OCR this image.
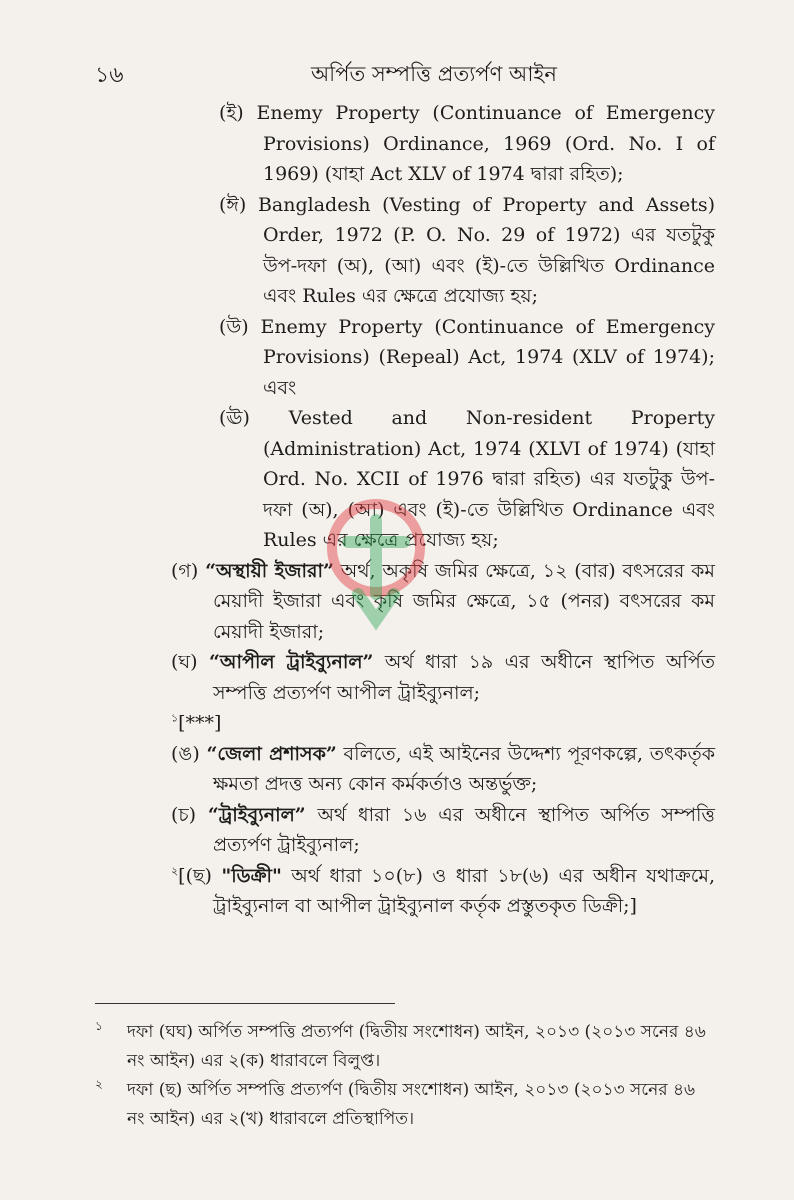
১৬	অর্পিত সম্পত্তি প্রত্যর্পণ আইন
(ই) Enemy Property (Continuance of Emergency Provisions) Ordinance, 1969 (Ord. No. I of 1969) (যাহা Act XLV of 1974 দ্বারা রহিত);
(ঈ) Bangladesh (Vesting of Property and Assets) Order, 1972 (P. O. No. 29 of 1972) এর যতটুকু উপ-দফা (অ), (আ) এবং (ই)-তে উল্লিখিত Ordinance এবং Rules এর ক্ষেত্রে প্রযোজ্য হয়;
(উ) Enemy Property (Continuance of Emergency Provisions) (Repeal) Act, 1974 (XLV of 1974); এবং
(ঊ) Vested and Non-resident Property (Administration) Act, 1974 (XLVI of 1974) (যাহা Ord. No. XCII of 1976 দ্বারা রহিত) এর যতটুকু উপ-দফা (অ), (আ) এবং (ই)-তে উল্লিখিত Ordinance এবং Rules এর ক্ষেত্রে প্রযোজ্য হয়;
(গ) “অস্থায়ী ইজারা” অর্থ, অকৃষি জমির ক্ষেত্রে, ১২ (বার) বৎসরের কম মেয়াদী ইজারা এবং কৃষি জমির ক্ষেত্রে, ১৫ (পনর) বৎসরের কম মেয়াদী ইজারা;
(ঘ) “আপীল ট্রাইব্যুনাল” অর্থ ধারা ১৯ এর অধীনে স্থাপিত অর্পিত সম্পত্তি প্রত্যর্পণ আপীল ট্রাইব্যুনাল;
$^১$[***]
(ঙ) “জেলা প্রশাসক” বলিতে, এই আইনের উদ্দেশ্য পূরণকল্পে, তৎকর্তৃক ক্ষমতা প্রদত্ত অন্য কোন কর্মকর্তাও অন্তর্ভুক্ত;
(চ) “ট্রাইব্যুনাল” অর্থ ধারা ১৬ এর অধীনে স্থাপিত অর্পিত সম্পত্তি প্রত্যর্পণ ট্রাইব্যুনাল;
$^২$[(ছ) "ডিক্রী" অর্থ ধারা ১০(৮) ও ধারা ১৮(৬) এর অধীন যথাক্রমে, ট্রাইব্যুনাল বা আপীল ট্রাইব্যুনাল কর্তৃক প্রস্তুতকৃত ডিক্রী;]
১ দফা (ঘঘ) অর্পিত সম্পত্তি প্রত্যর্পণ (দ্বিতীয় সংশোধন) আইন, ২০১৩ (২০১৩ সনের ৪৬ নং আইন) এর ২(ক) ধারাবলে বিলুপ্ত।
২ দফা (ছ) অর্পিত সম্পত্তি প্রত্যর্পণ (দ্বিতীয় সংশোধন) আইন, ২০১৩ (২০১৩ সনের ৪৬ নং আইন) এর ২(খ) ধারাবলে প্রতিস্থাপিত।
